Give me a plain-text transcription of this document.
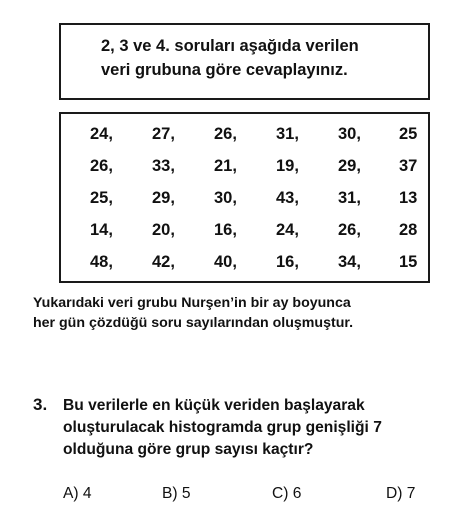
2, 3 ve 4. soruları aşağıda verilen
veri grubuna göre cevaplayınız.
24, 27, 26, 31, 30, 25
26, 33, 21, 19, 29, 37
25, 29, 30, 43, 31, 13
14, 20, 16, 24, 26, 28
48, 42, 40, 16, 34, 15
Yukarıdaki veri grubu Nurşen’in bir ay boyunca
her gün çözdüğü soru sayılarından oluşmuştur.
3. Bu verilerle en küçük veriden başlayarak
oluşturulacak histogramda grup genişliği 7
olduğuna göre grup sayısı kaçtır?
A) 4	B) 5	C) 6	D) 7
